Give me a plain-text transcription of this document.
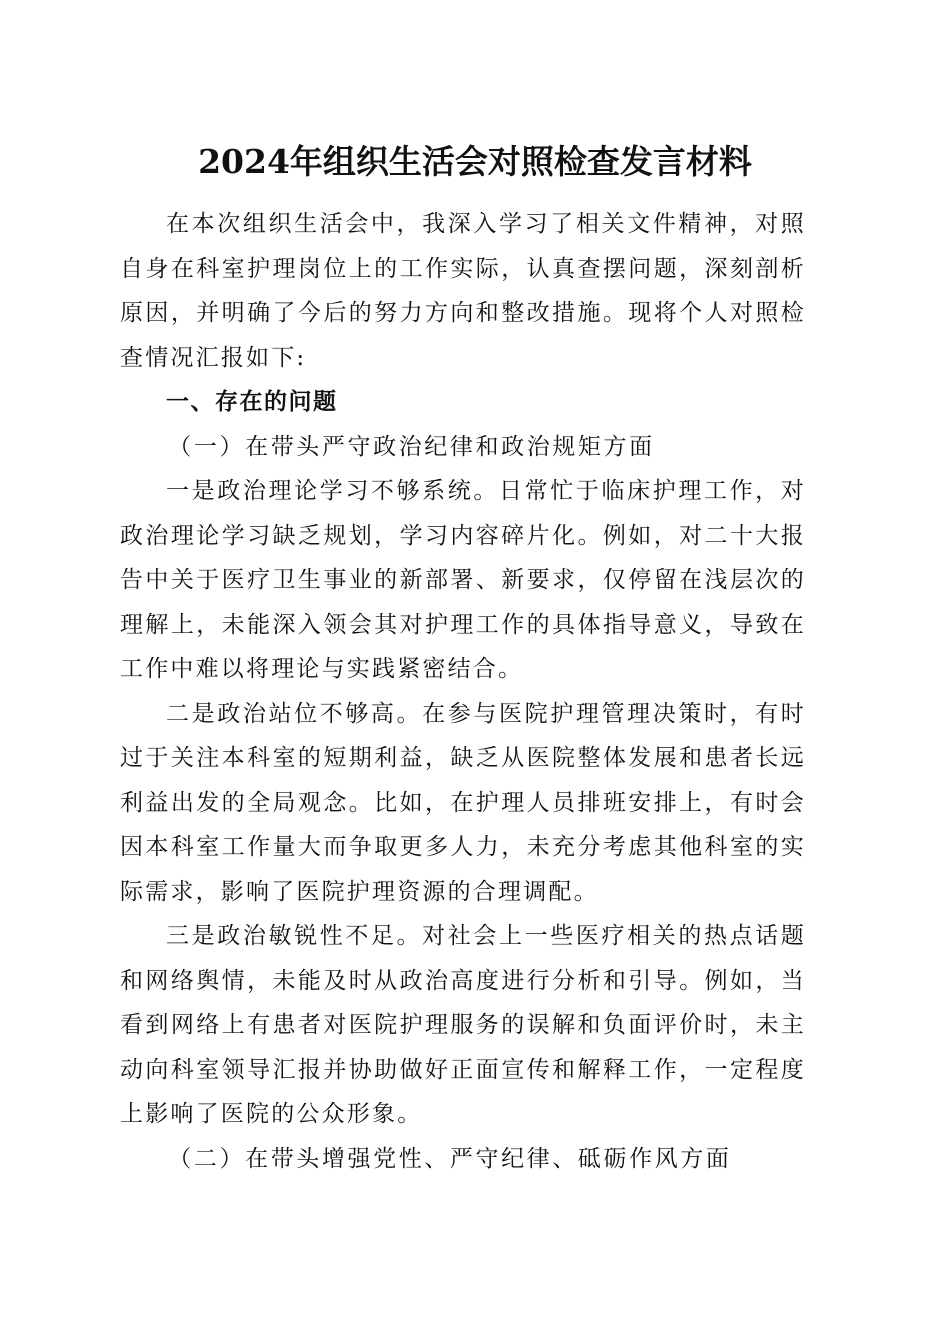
2024年组织生活会对照检查发言材料

在本次组织生活会中，我深入学习了相关文件精神，对照自身在科室护理岗位上的工作实际，认真查摆问题，深刻剖析原因，并明确了今后的努力方向和整改措施。现将个人对照检查情况汇报如下:

一、存在的问题

（一）在带头严守政治纪律和政治规矩方面

一是政治理论学习不够系统。日常忙于临床护理工作，对政治理论学习缺乏规划，学习内容碎片化。例如，对二十大报告中关于医疗卫生事业的新部署、新要求，仅停留在浅层次的理解上，未能深入领会其对护理工作的具体指导意义，导致在工作中难以将理论与实践紧密结合。

二是政治站位不够高。在参与医院护理管理决策时，有时过于关注本科室的短期利益，缺乏从医院整体发展和患者长远利益出发的全局观念。比如，在护理人员排班安排上，有时会因本科室工作量大而争取更多人力，未充分考虑其他科室的实际需求，影响了医院护理资源的合理调配。

三是政治敏锐性不足。对社会上一些医疗相关的热点话题和网络舆情，未能及时从政治高度进行分析和引导。例如，当看到网络上有患者对医院护理服务的误解和负面评价时，未主动向科室领导汇报并协助做好正面宣传和解释工作，一定程度上影响了医院的公众形象。

（二）在带头增强党性、严守纪律、砥砺作风方面
